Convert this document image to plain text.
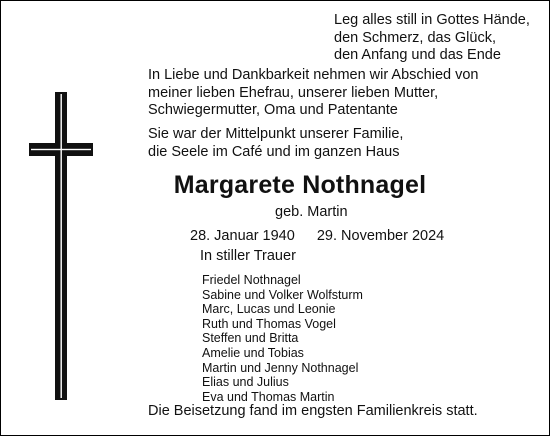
Leg alles still in Gottes Hände,
den Schmerz, das Glück,
den Anfang und das Ende
In Liebe und Dankbarkeit nehmen wir Abschied von
meiner lieben Ehefrau, unserer lieben Mutter,
Schwiegermutter, Oma und Patentante
Sie war der Mittelpunkt unserer Familie,
die Seele im Café und im ganzen Haus
Margarete Nothnagel
geb. Martin
28. Januar 1940 29. November 2024
In stiller Trauer
Friedel Nothnagel
Sabine und Volker Wolfsturm
Marc, Lucas und Leonie
Ruth und Thomas Vogel
Steffen und Britta
Amelie und Tobias
Martin und Jenny Nothnagel
Elias und Julius
Eva und Thomas Martin
Die Beisetzung fand im engsten Familienkreis statt.
